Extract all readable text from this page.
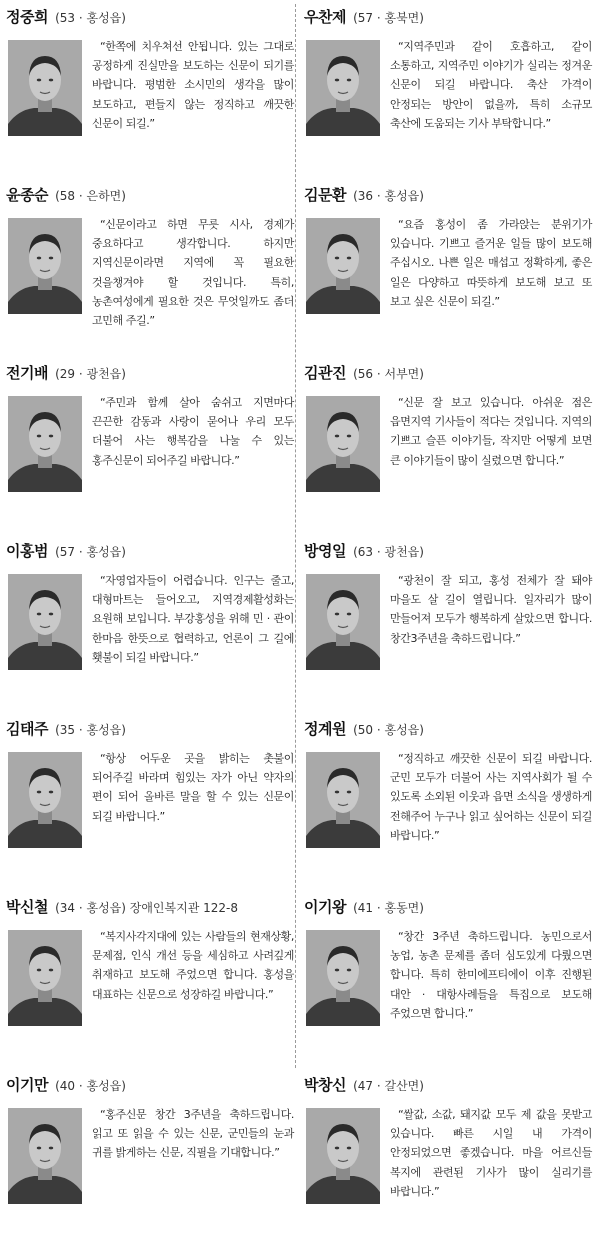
정중희 (53 · 홍성읍)
“한쪽에 치우쳐선 안됩니다. 있는 그대로 공정하게 진실만을 보도하는 신문이 되기를 바랍니다. 평범한 소시민의 생각을 많이 보도하고, 편들지 않는 정직하고 깨끗한 신문이 되길.”
윤종순 (58 · 은하면)
“신문이라고 하면 무릇 시사, 경제가 중요하다고 생각합니다. 하지만 지역신문이라면 지역에 꼭 필요한 것을챙겨야 할 것입니다. 특히, 농촌여성에게 필요한 것은 무엇일까도 좀더 고민해 주길.”
전기배 (29 · 광천읍)
“주민과 함께 살아 숨쉬고 지면마다 끈끈한 감동과 사랑이 묻어나 우리 모두 더불어 사는 행복감을 나눌 수 있는 홍주신문이 되어주길 바랍니다.”
이홍범 (57 · 홍성읍)
“자영업자들이 어렵습니다. 인구는 줄고, 대형마트는 들어오고, 지역경제활성화는 요원해 보입니다. 부강홍성을 위해 민 · 관이 한마음 한뜻으로 협력하고, 언론이 그 길에 횃불이 되길 바랍니다.”
김태주 (35 · 홍성읍)
“항상 어두운 곳을 밝히는 촛불이 되어주길 바라며 힘있는 자가 아닌 약자의 편이 되어 올바른 말을 할 수 있는 신문이 되길 바랍니다.”
박신철 (34 · 홍성읍) 장애인복지관 122-8
“복지사각지대에 있는 사람들의 현재상황, 문제점, 인식 개선 등을 세심하고 사려깊게 취재하고 보도해 주었으면 합니다. 홍성을 대표하는 신문으로 성장하길 바랍니다.”
이기만 (40 · 홍성읍)
“홍주신문 창간 3주년을 축하드립니다. 읽고 또 읽을 수 있는 신문, 군민들의 눈과 귀를 밝게하는 신문, 직필을 기대합니다.”
우찬제 (57 · 홍북면)
“지역주민과 같이 호흡하고, 같이 소통하고, 지역주민 이야기가 실리는 정겨운 신문이 되길 바랍니다. 축산 가격이 안정되는 방안이 없을까, 특히 소규모 축산에 도움되는 기사 부탁합니다.”
김문환 (36 · 홍성읍)
“요즘 홍성이 좀 가라앉는 분위기가 있습니다. 기쁘고 즐거운 일들 많이 보도해 주십시오. 나쁜 일은 매섭고 정확하게, 좋은 일은 다양하고 따뜻하게 보도해 보고 또 보고 싶은 신문이 되길.”
김관진 (56 · 서부면)
“신문 잘 보고 있습니다. 아쉬운 점은 읍면지역 기사들이 적다는 것입니다. 지역의 기쁘고 슬픈 이야기들, 작지만 어떻게 보면 큰 이야기들이 많이 실렸으면 합니다.”
방영일 (63 · 광천읍)
“광천이 잘 되고, 홍성 전체가 잘 돼야 마을도 살 길이 열립니다. 일자리가 많이 만들어져 모두가 행복하게 살았으면 합니다. 창간3주년을 축하드립니다.”
정계원 (50 · 홍성읍)
“정직하고 깨끗한 신문이 되길 바랍니다. 군민 모두가 더불어 사는 지역사회가 될 수 있도록 소외된 이웃과 읍면 소식을 생생하게 전해주어 누구나 읽고 싶어하는 신문이 되길 바랍니다.”
이기왕 (41 · 홍동면)
“창간 3주년 축하드립니다. 농민으로서 농업, 농촌 문제를 좀더 심도있게 다뤘으면 합니다. 특히 한미에프티에이 이후 진행된 대안 · 대항사례들을 특집으로 보도해 주었으면 합니다.”
박창신 (47 · 갈산면)
“쌀값, 소값, 돼지값 모두 제 값을 못받고 있습니다. 빠른 시일 내 가격이 안정되었으면 좋겠습니다. 마을 어르신들 복지에 관련된 기사가 많이 실리기를 바랍니다.”
